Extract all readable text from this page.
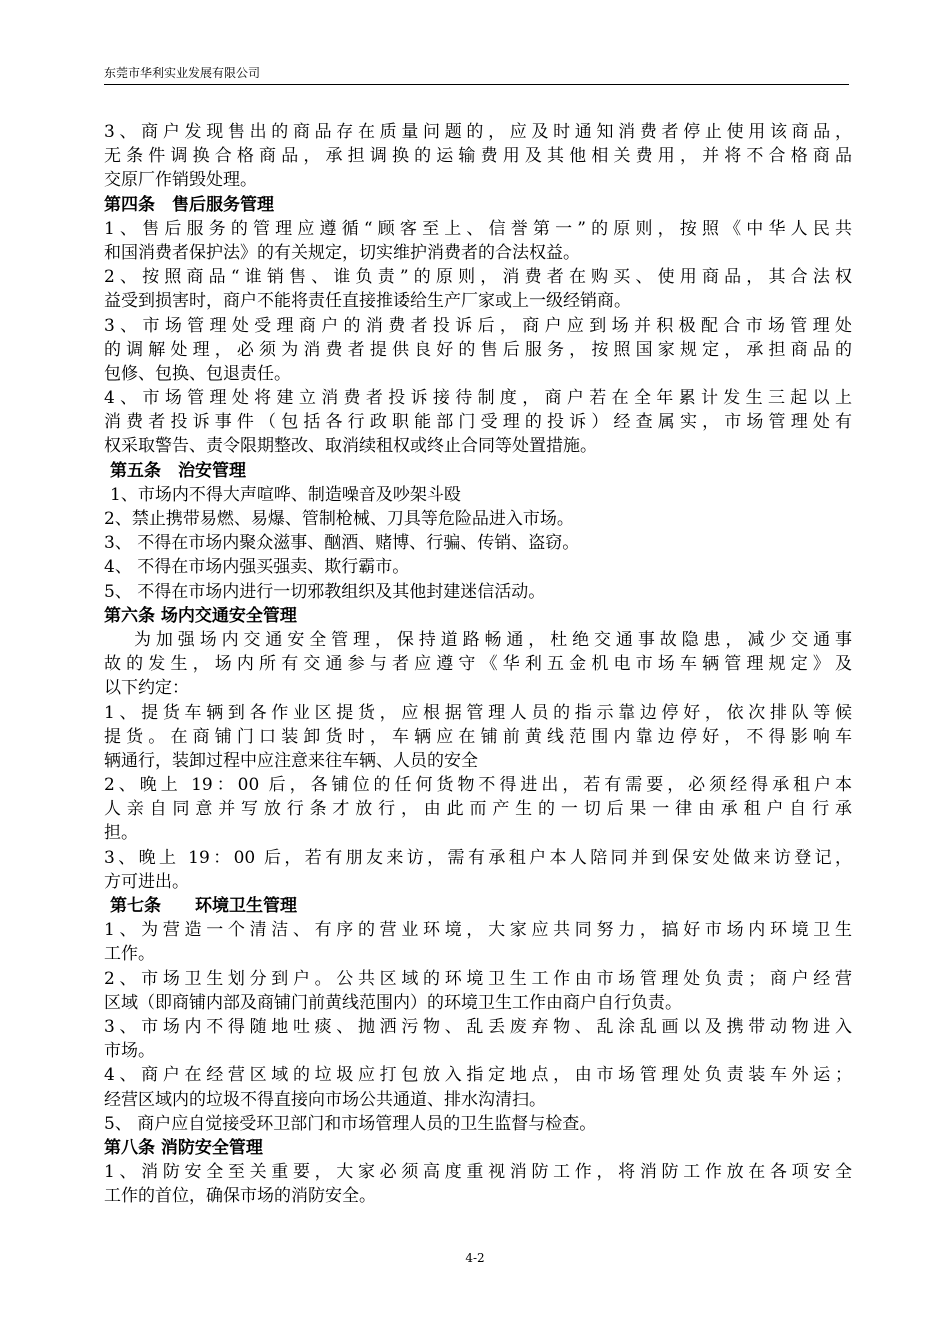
东莞市华利实业发展有限公司
3、商户发现售出的商品存在质量问题的，应及时通知消费者停止使用该商品，
无条件调换合格商品，承担调换的运输费用及其他相关费用，并将不合格商品
交原厂作销毁处理。
第四条　售后服务管理
1、售后服务的管理应遵循“顾客至上、信誉第一”的原则，按照《中华人民共
和国消费者保护法》的有关规定，切实维护消费者的合法权益。
2、按照商品“谁销售、谁负责”的原则，消费者在购买、使用商品，其合法权
益受到损害时，商户不能将责任直接推诿给生产厂家或上一级经销商。
3、市场管理处受理商户的消费者投诉后，商户应到场并积极配合市场管理处
的调解处理，必须为消费者提供良好的售后服务，按照国家规定，承担商品的
包修、包换、包退责任。
4、市场管理处将建立消费者投诉接待制度，商户若在全年累计发生三起以上
消费者投诉事件（包括各行政职能部门受理的投诉）经查属实，市场管理处有
权采取警告、责令限期整改、取消续租权或终止合同等处置措施。
第五条　治安管理
1、市场内不得大声喧哗、制造噪音及吵架斗殴
2、禁止携带易燃、易爆、管制枪械、刀具等危险品进入市场。
3、 不得在市场内聚众滋事、酗酒、赌博、行骗、传销、盗窃。
4、 不得在市场内强买强卖、欺行霸市。
5、 不得在市场内进行一切邪教组织及其他封建迷信活动。
第六条 场内交通安全管理
为加强场内交通安全管理，保持道路畅通，杜绝交通事故隐患，减少交通事
故的发生，场内所有交通参与者应遵守《华利五金机电市场车辆管理规定》及
以下约定：
1、提货车辆到各作业区提货，应根据管理人员的指示靠边停好，依次排队等候
提货。在商铺门口装卸货时，车辆应在铺前黄线范围内靠边停好，不得影响车
辆通行，装卸过程中应注意来往车辆、人员的安全
2、晚上 19：00 后，各铺位的任何货物不得进出，若有需要，必须经得承租户本
人亲自同意并写放行条才放行，由此而产生的一切后果一律由承租户自行承
担。
3、晚上 19：00 后，若有朋友来访，需有承租户本人陪同并到保安处做来访登记，
方可进出。
第七条　　环境卫生管理
1、为营造一个清洁、有序的营业环境，大家应共同努力，搞好市场内环境卫生
工作。
2、市场卫生划分到户。公共区域的环境卫生工作由市场管理处负责；商户经营
区域（即商铺内部及商铺门前黄线范围内）的环境卫生工作由商户自行负责。
3、市场内不得随地吐痰、抛洒污物、乱丢废弃物、乱涂乱画以及携带动物进入
市场。
4、商户在经营区域的垃圾应打包放入指定地点，由市场管理处负责装车外运；
经营区域内的垃圾不得直接向市场公共通道、排水沟清扫。
5、 商户应自觉接受环卫部门和市场管理人员的卫生监督与检查。
第八条 消防安全管理
1、消防安全至关重要，大家必须高度重视消防工作，将消防工作放在各项安全
工作的首位，确保市场的消防安全。
4-2
